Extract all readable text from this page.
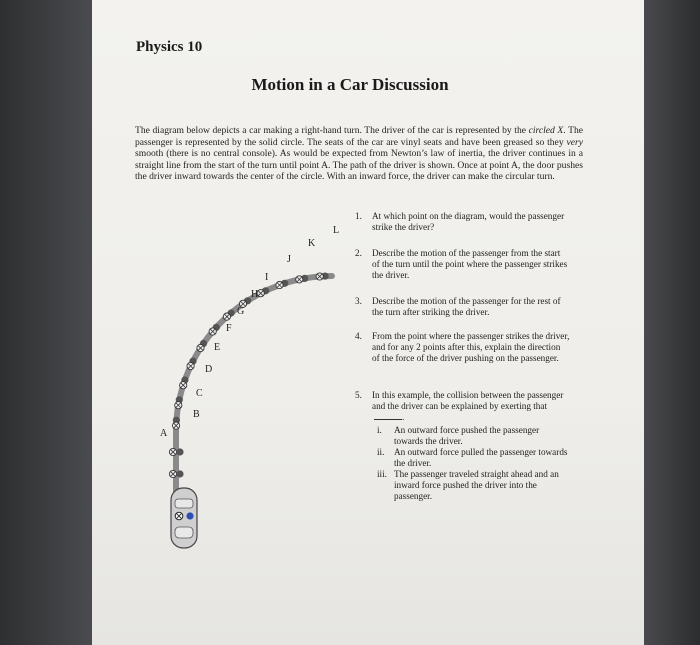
Physics 10
Motion in a Car Discussion
The diagram below depicts a car making a right-hand turn. The driver of the car is represented by the circled X. The passenger is represented by the solid circle. The seats of the car are vinyl seats and have been greased so they very smooth (there is no central console). As would be expected from Newton’s law of inertia, the driver continues in a straight line from the start of the turn until point A. The path of the driver is shown. Once at point A, the door pushes the driver inward towards the center of the circle. With an inward force, the driver can make the circular turn.
A
B
C
D
E
F
G
H
I
J
K
L
1. At which point on the diagram, would the passenger strike the driver?
2. Describe the motion of the passenger from the start of the turn until the point where the passenger strikes the driver.
3. Describe the motion of the passenger for the rest of the turn after striking the driver.
4. From the point where the passenger strikes the driver, and for any 2 points after this, explain the direction of the force of the driver pushing on the passenger.
5. In this example, the collision between the passenger and the driver can be explained by exerting that.
i. An outward force pushed the passenger towards the driver.
ii. An outward force pulled the passenger towards the driver.
iii. The passenger traveled straight ahead and an inward force pushed the driver into the passenger.
